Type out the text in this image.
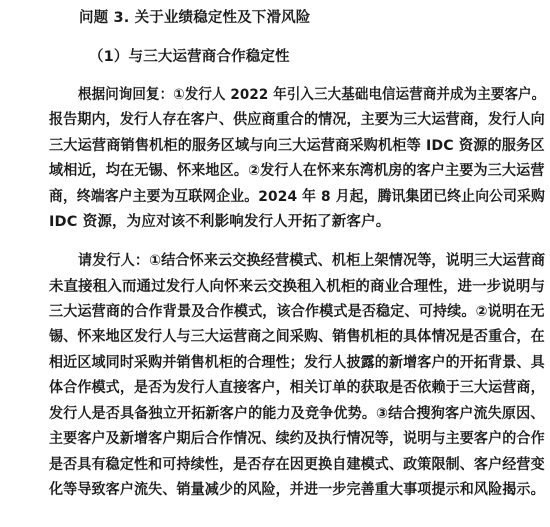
问题 3. 关于业绩稳定性及下滑风险
（1）与三大运营商合作稳定性
根据问询回复：①发行人 2022 年引入三大基础电信运营商并成为主要客户。
报告期内，发行人存在客户、供应商重合的情况，主要为三大运营商，发行人向
三大运营商销售机柜的服务区域与向三大运营商采购机柜等 IDC 资源的服务区
域相近，均在无锡、怀来地区。②发行人在怀来东湾机房的客户主要为三大运营
商，终端客户主要为互联网企业。2024 年 8 月起，腾讯集团已终止向公司采购
IDC 资源，为应对该不利影响发行人开拓了新客户。
请发行人：①结合怀来云交换经营模式、机柜上架情况等，说明三大运营商
未直接租入而通过发行人向怀来云交换租入机柜的商业合理性，进一步说明与
三大运营商的合作背景及合作模式，该合作模式是否稳定、可持续。②说明在无
锡、怀来地区发行人与三大运营商之间采购、销售机柜的具体情况是否重合，在
相近区域同时采购并销售机柜的合理性；发行人披露的新增客户的开拓背景、具
体合作模式，是否为发行人直接客户，相关订单的获取是否依赖于三大运营商，
发行人是否具备独立开拓新客户的能力及竞争优势。③结合搜狗客户流失原因、
主要客户及新增客户期后合作情况、续约及执行情况等，说明与主要客户的合作
是否具有稳定性和可持续性，是否存在因更换自建模式、政策限制、客户经营变
化等导致客户流失、销量减少的风险，并进一步完善重大事项提示和风险揭示。
